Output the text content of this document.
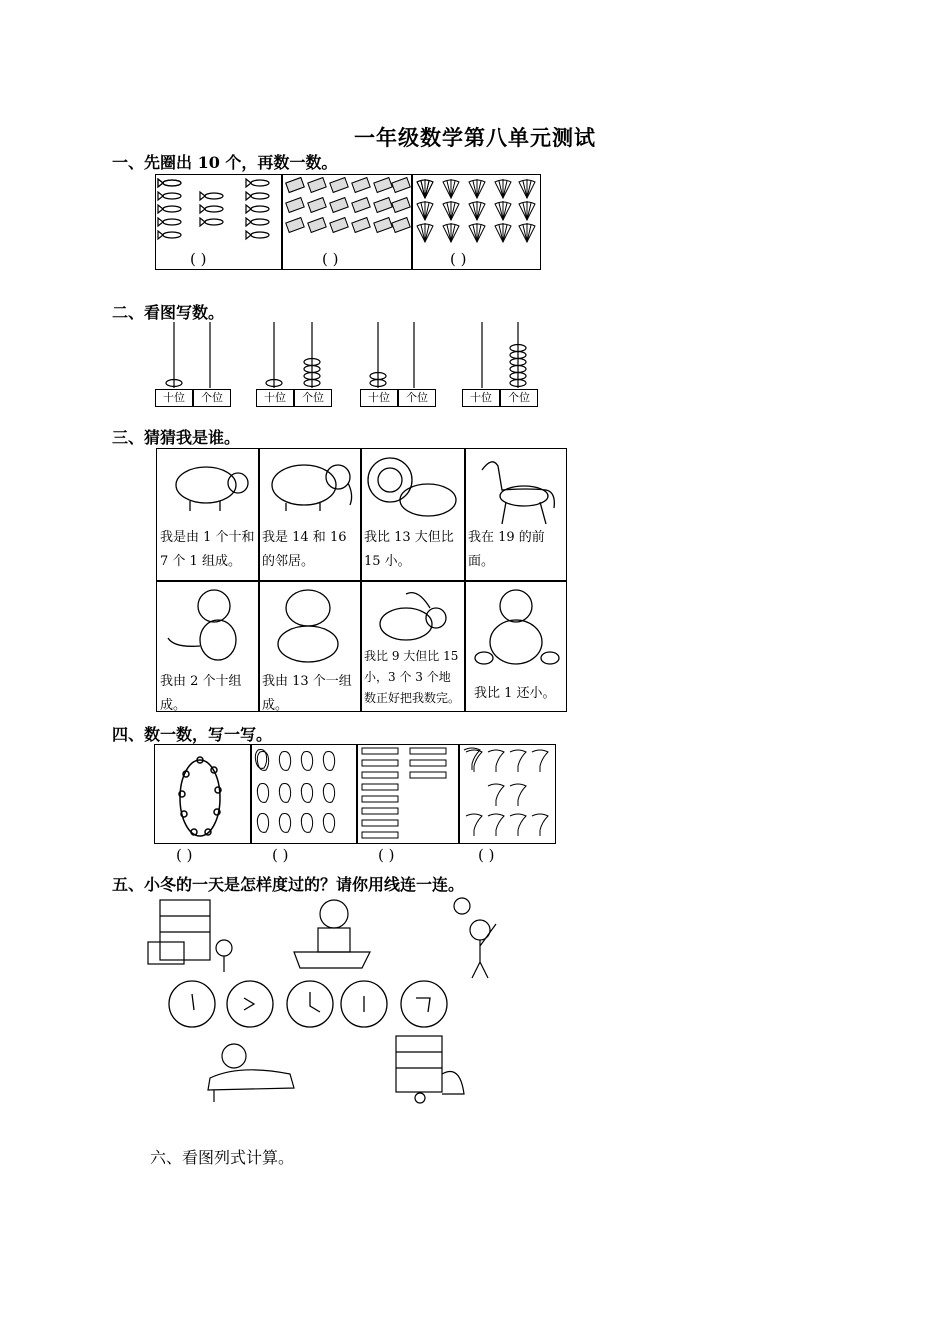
一年级数学第八单元测试
一、先圈出 10 个，再数一数。
( )	( )	( )
二、看图写数。
十位	个位	十位	个位	十位	个位	十位	个位
三、猜猜我是谁。
我是由 1 个十和 7 个 1 组成。
我是 14 和 16 的邻居。
我比 13 大但比 15 小。
我在 19 的前面。
我由 2 个十组成。
我由 13 个一组成。
我比 9 大但比 15 小，3 个 3 个地数正好把我数完。 我比 1 还小。
四、数一数，写一写。
( )	( )	( )	( )
五、小冬的一天是怎样度过的？请你用线连一连。
六、看图列式计算。
